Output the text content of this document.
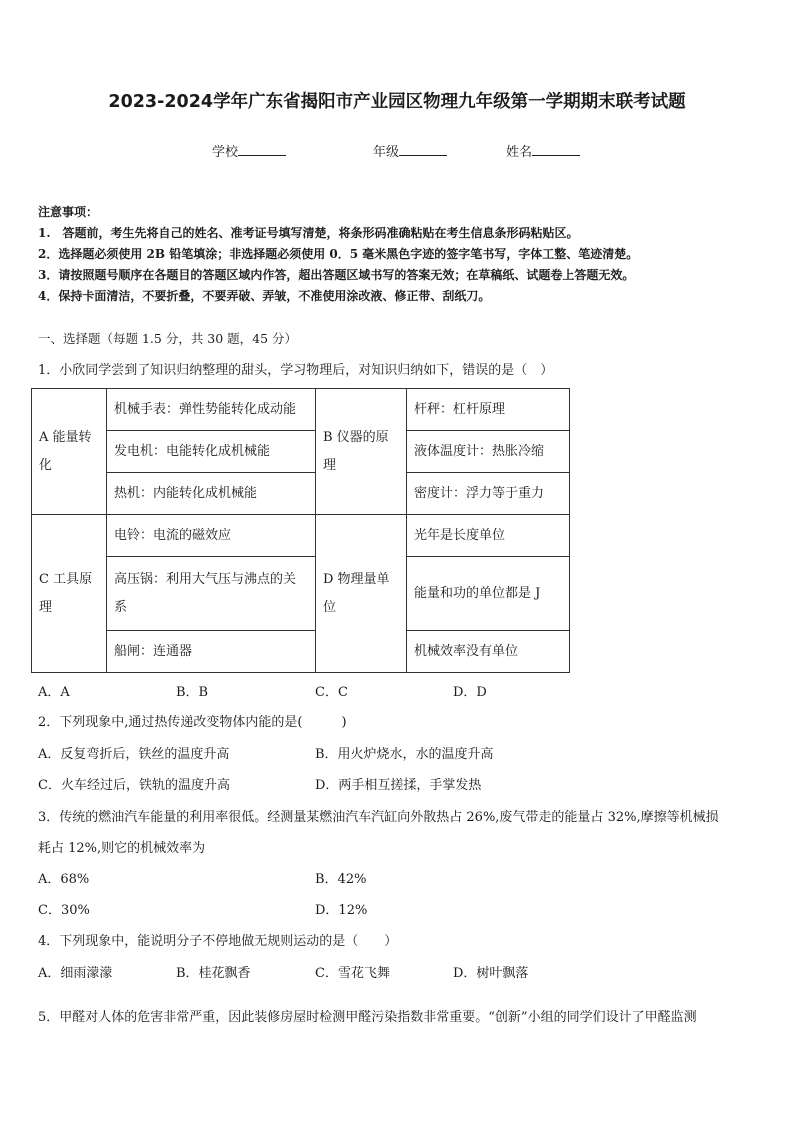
2023-2024学年广东省揭阳市产业园区物理九年级第一学期期末联考试题
学校	年级	姓名
注意事项：
1.　答题前，考生先将自己的姓名、准考证号填写清楚，将条形码准确粘贴在考生信息条形码粘贴区。
2．选择题必须使用 2B 铅笔填涂；非选择题必须使用 0．5 毫米黑色字迹的签字笔书写，字体工整、笔迹清楚。
3．请按照题号顺序在各题目的答题区域内作答，超出答题区域书写的答案无效；在草稿纸、试题卷上答题无效。
4．保持卡面清洁，不要折叠，不要弄破、弄皱，不准使用涂改液、修正带、刮纸刀。
一、选择题（每题 1.5 分，共 30 题，45 分）
1．小欣同学尝到了知识归纳整理的甜头，学习物理后，对知识归纳如下，错误的是（　）
A 能量转化	机械手表：弹性势能转化成动能	B 仪器的原理	杆秤：杠杆原理
	发电机：电能转化成机械能		液体温度计：热胀冷缩
	热机：内能转化成机械能		密度计：浮力等于重力
C 工具原理	电铃：电流的磁效应	D 物理量单位	光年是长度单位
	高压锅：利用大气压与沸点的关系		能量和功的单位都是 J
	船闸：连通器		机械效率没有单位
A．A	B．B	C．C	D．D
2．下列现象中,通过热传递改变物体内能的是(　　　)
A．反复弯折后，铁丝的温度升高	B．用火炉烧水，水的温度升高
C．火车经过后，铁轨的温度升高	D．两手相互搓揉，手掌发热
3．传统的燃油汽车能量的利用率很低。经测量某燃油汽车汽缸向外散热占 26%,废气带走的能量占 32%,摩擦等机械损
耗占 12%,则它的机械效率为
A．68%	B．42%
C．30%	D．12%
4．下列现象中，能说明分子不停地做无规则运动的是（　　）
A．细雨濛濛	B．桂花飘香	C．雪花飞舞	D．树叶飘落
5．甲醛对人体的危害非常严重，因此装修房屋时检测甲醛污染指数非常重要。“创新”小组的同学们设计了甲醛监测
